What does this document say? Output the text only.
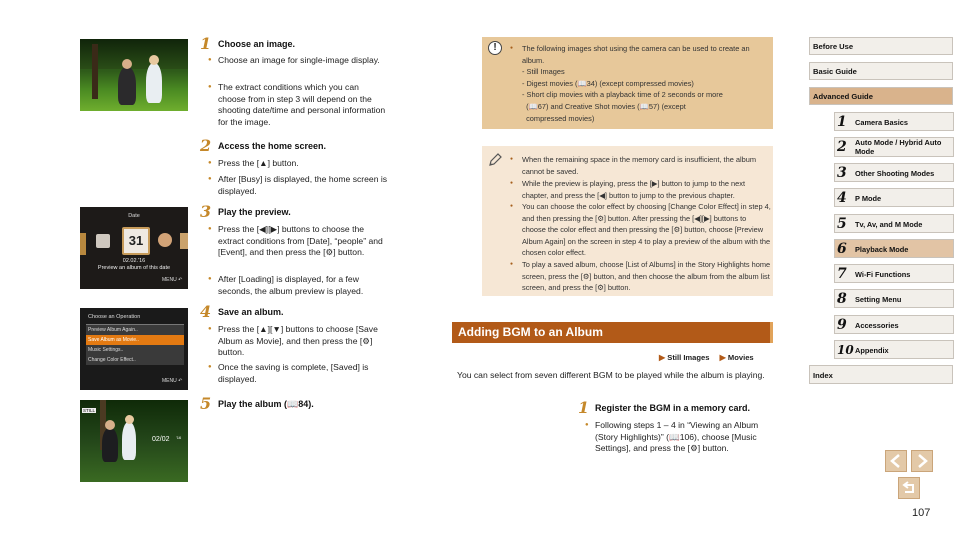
Date
31
02.02.'16
Preview an album of this date
MENU ↶
Choose an Operation
Preview Album Again..
Save Album as Movie..
Music Settings..
Change Color Effect..
MENU ↶
STILL
02/02 '16
1 Choose an image.
● Choose an image for single-image display.
● The extract conditions which you can choose from in step 3 will depend on the shooting date/time and personal information for the image.
2 Access the home screen.
● Press the [▲] button.
● After [Busy] is displayed, the home screen is displayed.
3 Play the preview.
● Press the [◀][▶] buttons to choose the extract conditions from [Date], “people” and [Event], and then press the [⚙] button.
● After [Loading] is displayed, for a few seconds, the album preview is played.
4 Save an album.
● Press the [▲][▼] buttons to choose [Save Album as Movie], and then press the [⚙] button.
● Once the saving is complete, [Saved] is displayed.
5 Play the album (📖84).
!
●	The following images shot using the camera can be used to create an album.
- Still Images
- Digest movies (📖34) (except compressed movies)
- Short clip movies with a playback time of 2 seconds or more
(📖67) and Creative Shot movies (📖57) (except
compressed movies)
● When the remaining space in the memory card is insufficient, the album cannot be saved.
● While the preview is playing, press the [▶] button to jump to the next chapter, and press the [◀] button to jump to the previous chapter.
● You can choose the color effect by choosing [Change Color Effect] in step 4, and then pressing the [⚙] button. After pressing the [◀][▶] buttons to choose the color effect and then pressing the [⚙] button, choose [Preview Album Again] on the screen in step 4 to play a preview of the album with the chosen color effect.
● To play a saved album, choose [List of Albums] in the Story Highlights home screen, press the [⚙] button, and then choose the album from the album list screen, and press the [⚙] button.
Adding BGM to an Album
▶ Still Images ▶ Movies
You can select from seven different BGM to be played while the album is playing.
1 Register the BGM in a memory card.
● Following steps 1 – 4 in “Viewing an Album (Story Highlights)” (📖106), choose [Music Settings], and press the [⚙] button.
Before Use
Basic Guide
Advanced Guide
1 Camera Basics
2 Auto Mode / Hybrid Auto Mode
3 Other Shooting Modes
4 P Mode
5 Tv, Av, and M Mode
6 Playback Mode
7 Wi-Fi Functions
8 Setting Menu
9 Accessories
10 Appendix
Index
107
